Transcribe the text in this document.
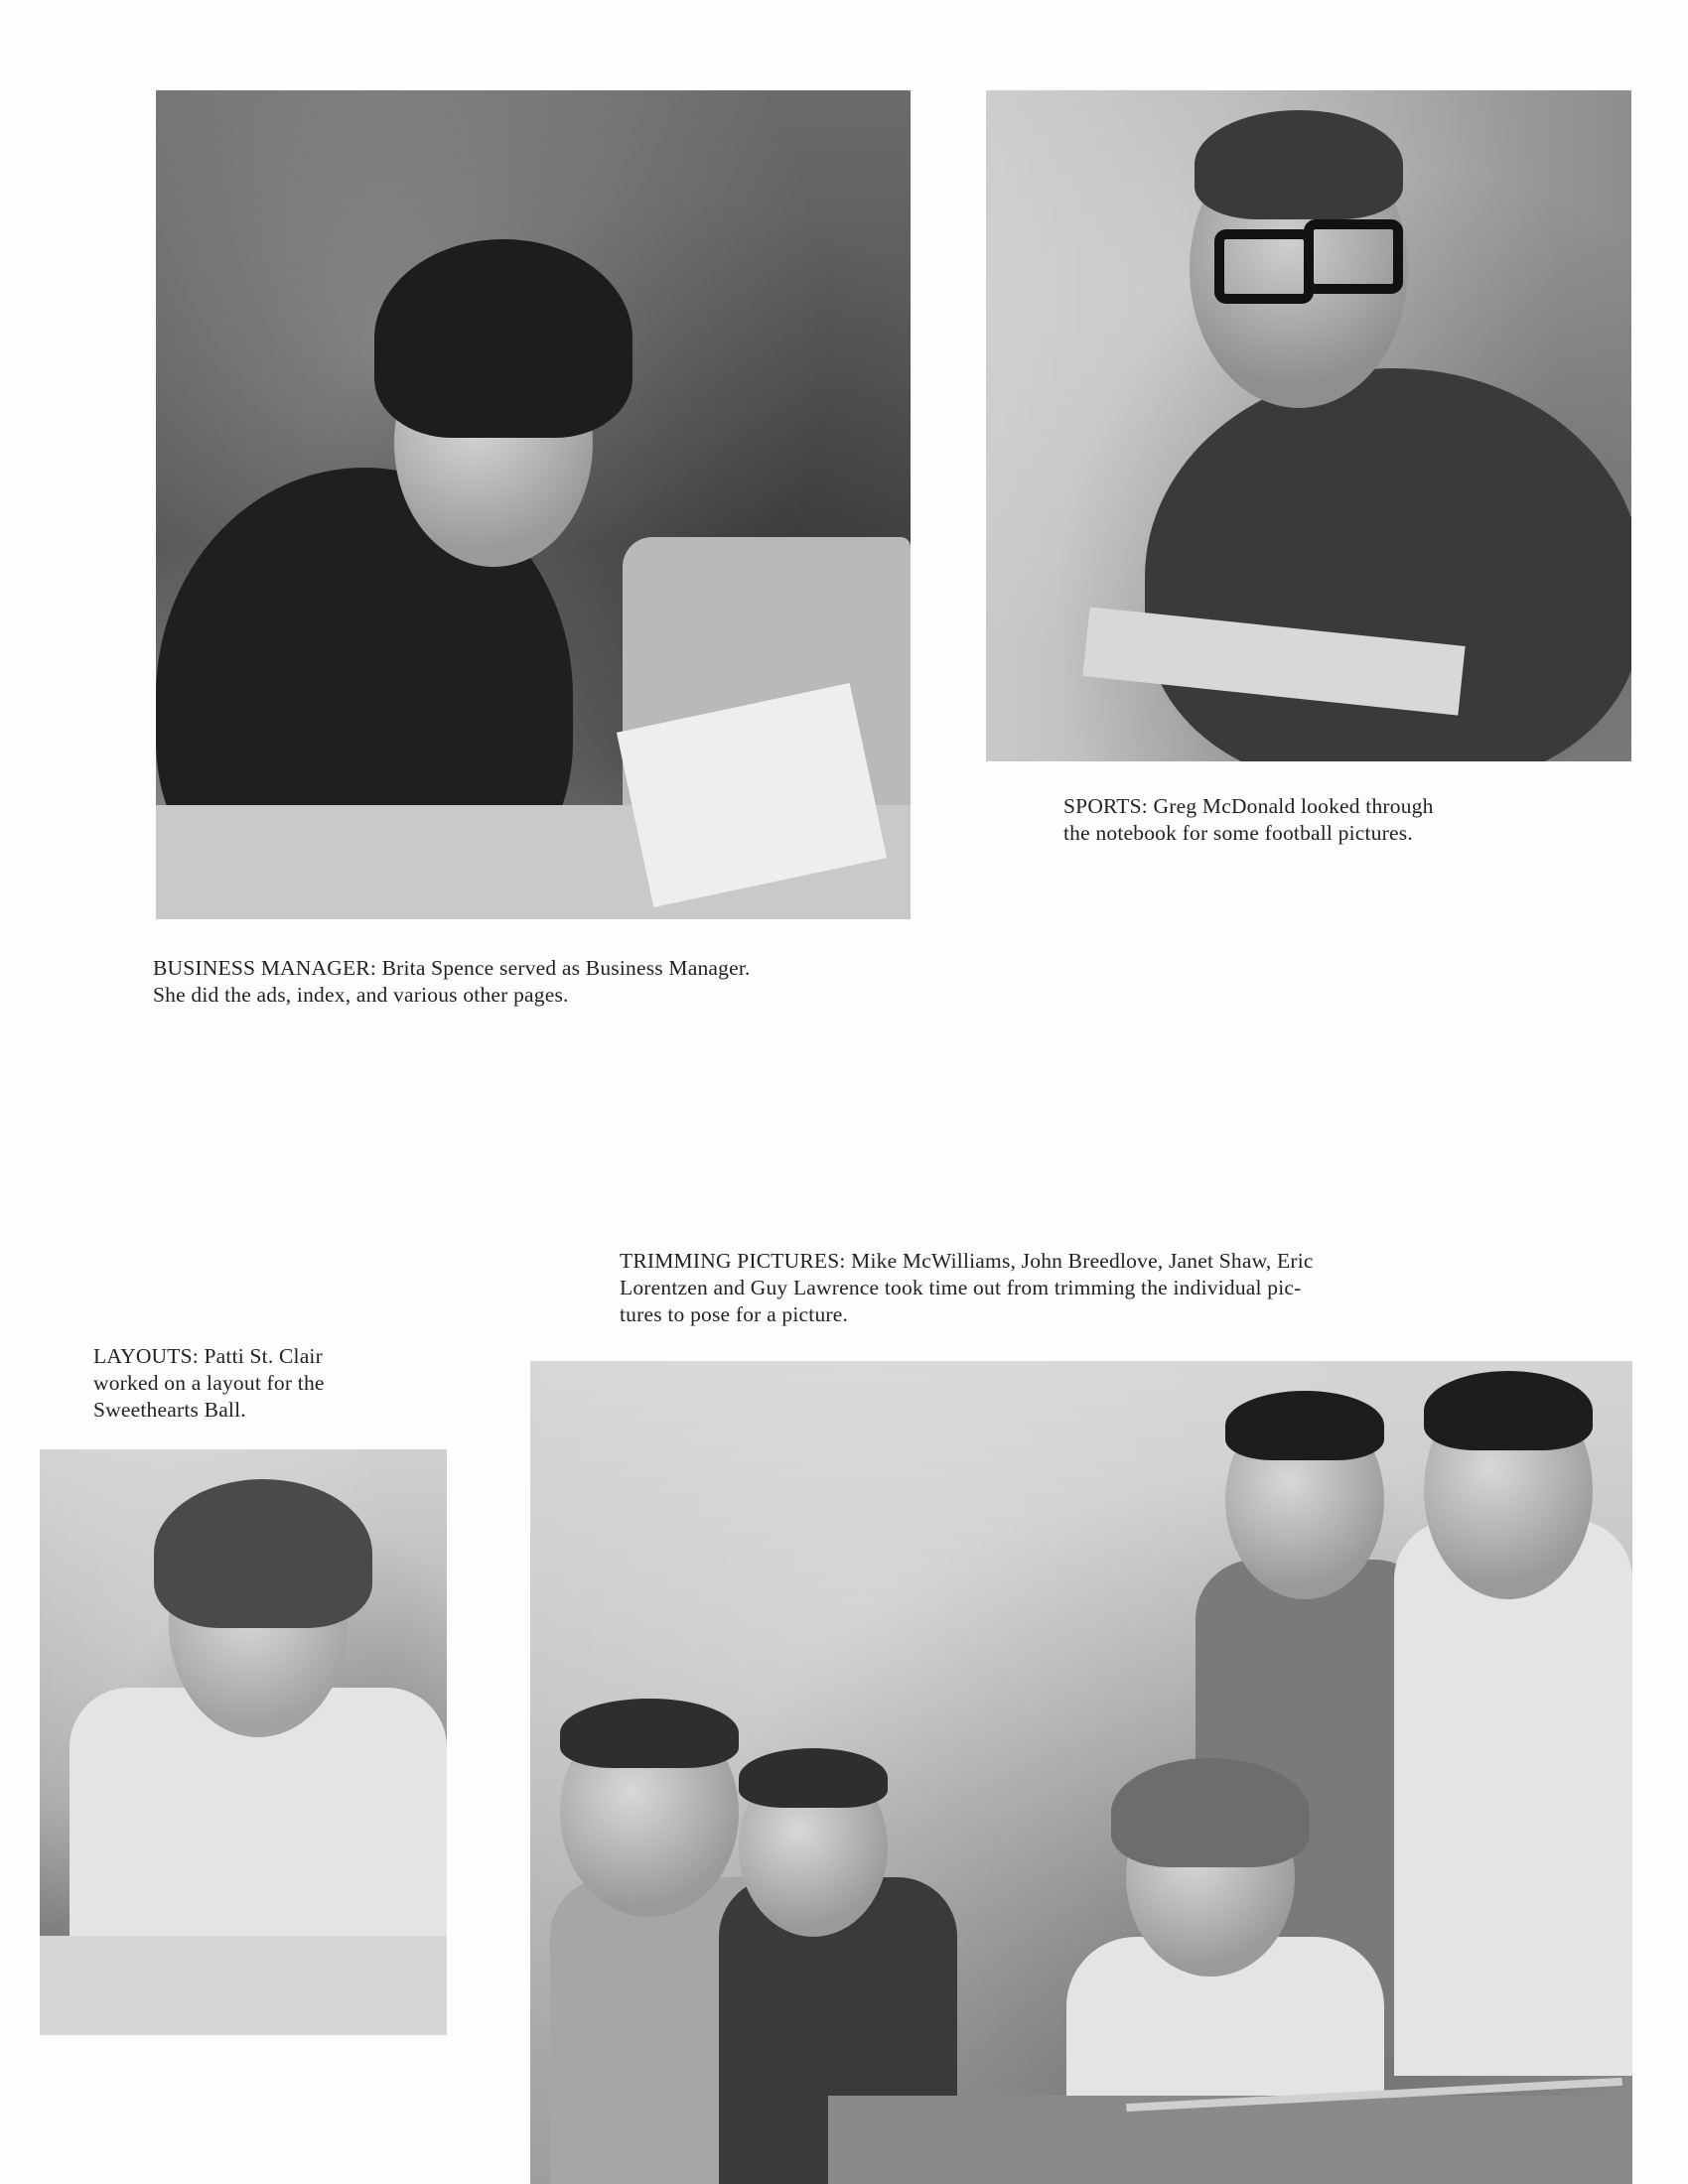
SPORTS: Greg McDonald looked through
the notebook for some football pictures.
BUSINESS MANAGER: Brita Spence served as Business Manager.
She did the ads, index, and various other pages.
TRIMMING PICTURES: Mike McWilliams, John Breedlove, Janet Shaw, Eric
Lorentzen and Guy Lawrence took time out from trimming the individual pic-
tures to pose for a picture.
LAYOUTS: Patti St. Clair
worked on a layout for the
Sweethearts Ball.
